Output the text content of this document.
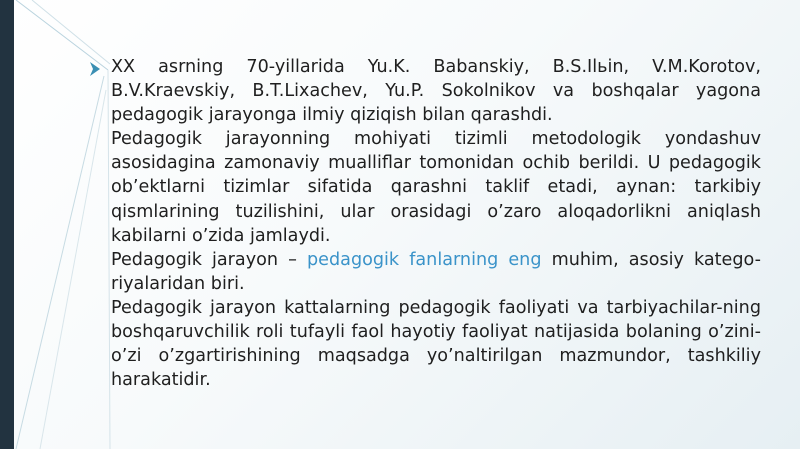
XX asrning 70-yillarida Yu.K. Babanskiy, B.S.Ilьin, V.M.Korotov, B.V.Kraevskiy, B.T.Lixachev, Yu.P. Sokolnikov va boshqalar yagona pedagogik jarayonga ilmiy qiziqish bilan qarashdi.

Pedagogik jarayonning mohiyati tizimli metodologik yondashuv asosidagina zamonaviy mualliflar tomonidan ochib berildi. U pedagogik ob’ektlarni tizimlar sifatida qarashni taklif etadi, aynan: tarkibiy qismlarining tuzilishini, ular orasidagi o’zaro aloqadorlikni aniqlash kabilarni o’zida jamlaydi.

Pedagogik jarayon – pedagogik fanlarning eng muhim, asosiy katego-riyalaridan biri.

Pedagogik jarayon kattalarning pedagogik faoliyati va tarbiyachilar-ning boshqaruvchilik roli tufayli faol hayotiy faoliyat natijasida bolaning o’zini-o’zi o’zgartirishining maqsadga yo’naltirilgan mazmundor, tashkiliy harakatidir.
